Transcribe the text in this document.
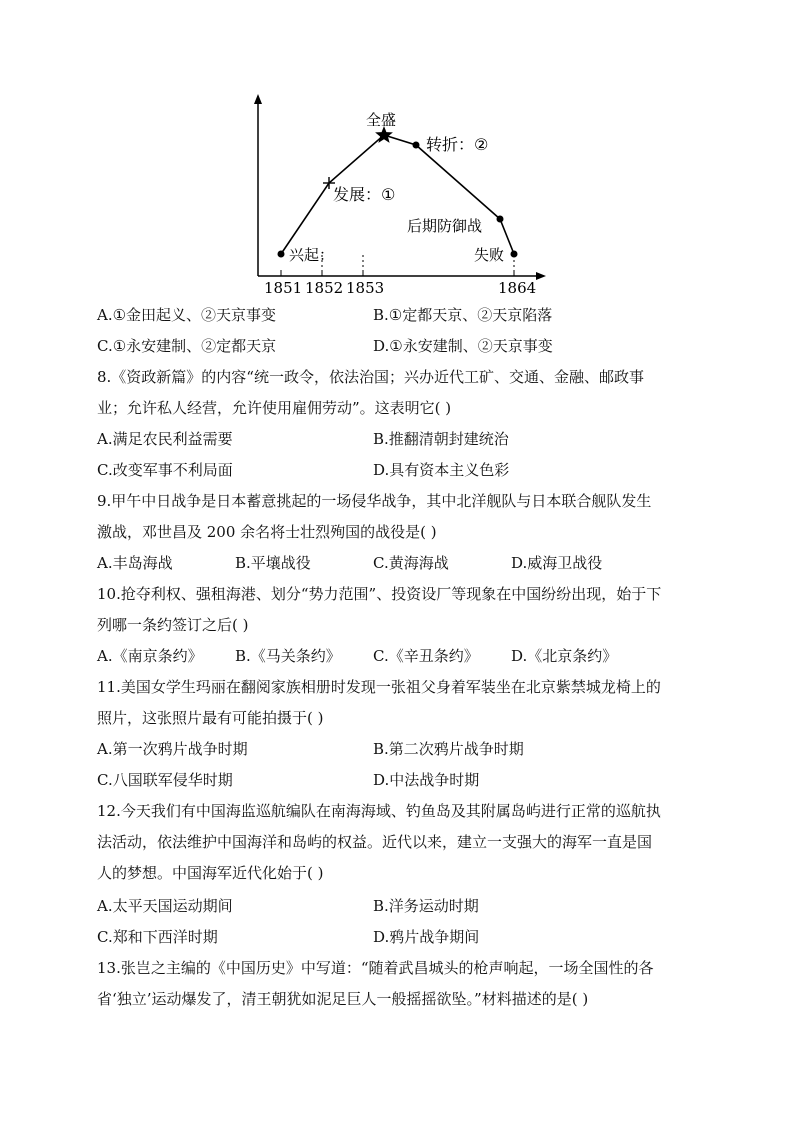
全盛
转折：②
发展：①
后期防御战
兴起：	失败
1851 1852 1853	1864
A.①金田起义、②天京事变	B.①定都天京、②天京陷落
C.①永安建制、②定都天京	D.①永安建制、②天京事变
8.《资政新篇》的内容“统一政令，依法治国；兴办近代工矿、交通、金融、邮政事
业；允许私人经营，允许使用雇佣劳动”。这表明它( )
A.满足农民利益需要	B.推翻清朝封建统治
C.改变军事不利局面	D.具有资本主义色彩
9.甲午中日战争是日本蓄意挑起的一场侵华战争，其中北洋舰队与日本联合舰队发生
激战，邓世昌及 200 余名将士壮烈殉国的战役是( )
A.丰岛海战	B.平壤战役	C.黄海海战	D.威海卫战役
10.抢夺利权、强租海港、划分“势力范围”、投资设厂等现象在中国纷纷出现，始于下
列哪一条约签订之后( )
A.《南京条约》 B.《马关条约》 C.《辛丑条约》 D.《北京条约》
11.美国女学生玛丽在翻阅家族相册时发现一张祖父身着军装坐在北京紫禁城龙椅上的
照片，这张照片最有可能拍摄于( )
A.第一次鸦片战争时期	B.第二次鸦片战争时期
C.八国联军侵华时期	D.中法战争时期
12.今天我们有中国海监巡航编队在南海海域、钓鱼岛及其附属岛屿进行正常的巡航执
法活动，依法维护中国海洋和岛屿的权益。近代以来，建立一支强大的海军一直是国
人的梦想。中国海军近代化始于( )
A.太平天国运动期间	B.洋务运动时期
C.郑和下西洋时期	D.鸦片战争期间
13.张岂之主编的《中国历史》中写道：“随着武昌城头的枪声响起，一场全国性的各
省‘独立’运动爆发了，清王朝犹如泥足巨人一般摇摇欲坠。”材料描述的是( )
